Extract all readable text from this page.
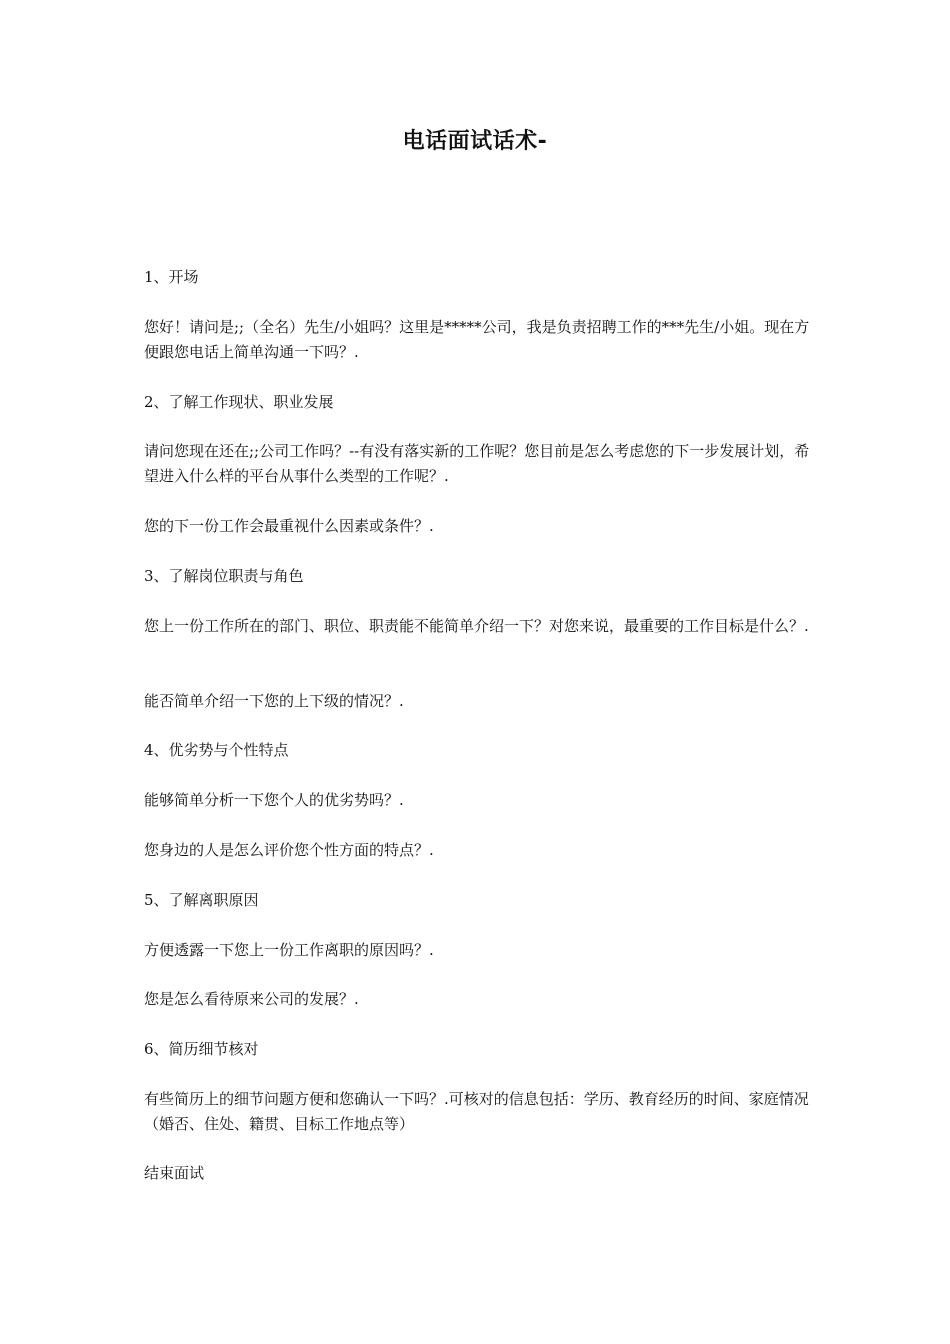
电话面试话术-
1、开场
您好！请问是;;（全名）先生/小姐吗？这里是*****公司，我是负责招聘工作的***先生/小姐。现在方便跟您电话上简单沟通一下吗？.
2、了解工作现状、职业发展
请问您现在还在;;公司工作吗？--有没有落实新的工作呢？您目前是怎么考虑您的下一步发展计划，希望进入什么样的平台从事什么类型的工作呢？.
您的下一份工作会最重视什么因素或条件？.
3、了解岗位职责与角色
您上一份工作所在的部门、职位、职责能不能简单介绍一下？对您来说，最重要的工作目标是什么？.
能否简单介绍一下您的上下级的情况？.
4、优劣势与个性特点
能够简单分析一下您个人的优劣势吗？.
您身边的人是怎么评价您个性方面的特点？.
5、了解离职原因
方便透露一下您上一份工作离职的原因吗？.
您是怎么看待原来公司的发展？.
6、简历细节核对
有些简历上的细节问题方便和您确认一下吗？.可核对的信息包括：学历、教育经历的时间、家庭情况（婚否、住处、籍贯、目标工作地点等）
结束面试
